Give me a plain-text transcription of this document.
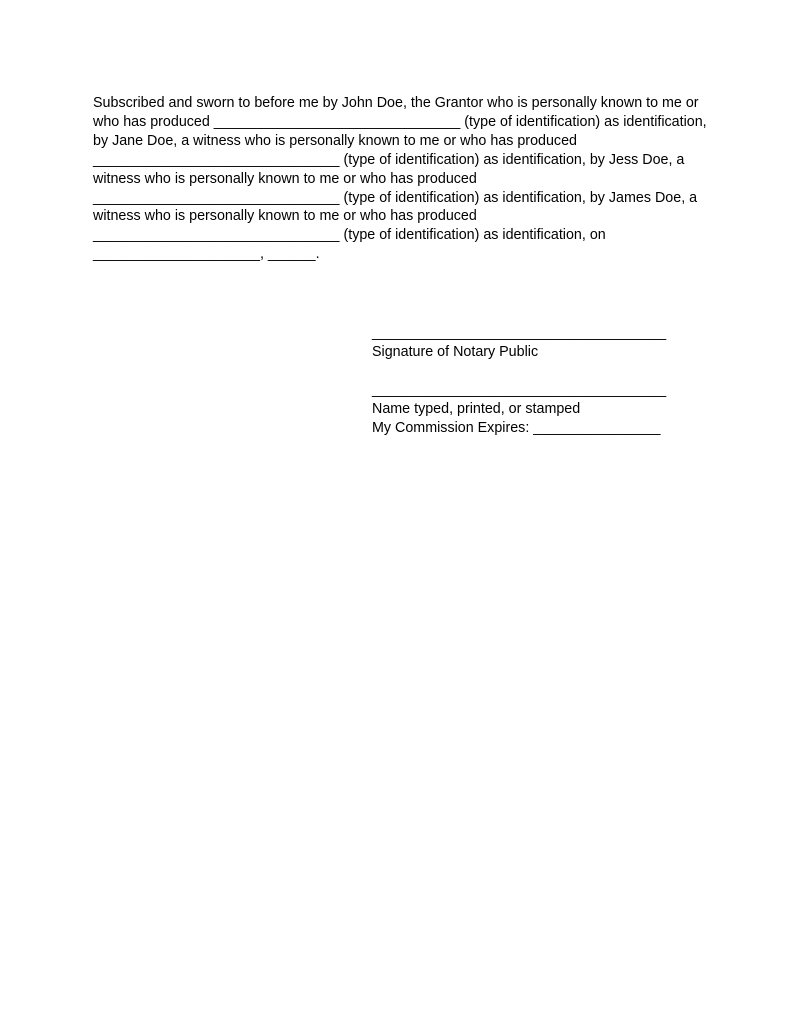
Subscribed and sworn to before me by John Doe, the Grantor who is personally known to me or
who has produced _______________________________ (type of identification) as identification,
by Jane Doe, a witness who is personally known to me or who has produced
_______________________________ (type of identification) as identification, by Jess Doe, a
witness who is personally known to me or who has produced
_______________________________ (type of identification) as identification, by James Doe, a
witness who is personally known to me or who has produced
_______________________________ (type of identification) as identification, on
_____________________, ______.

_____________________________________
Signature of Notary Public
_____________________________________
Name typed, printed, or stamped
My Commission Expires: ________________
